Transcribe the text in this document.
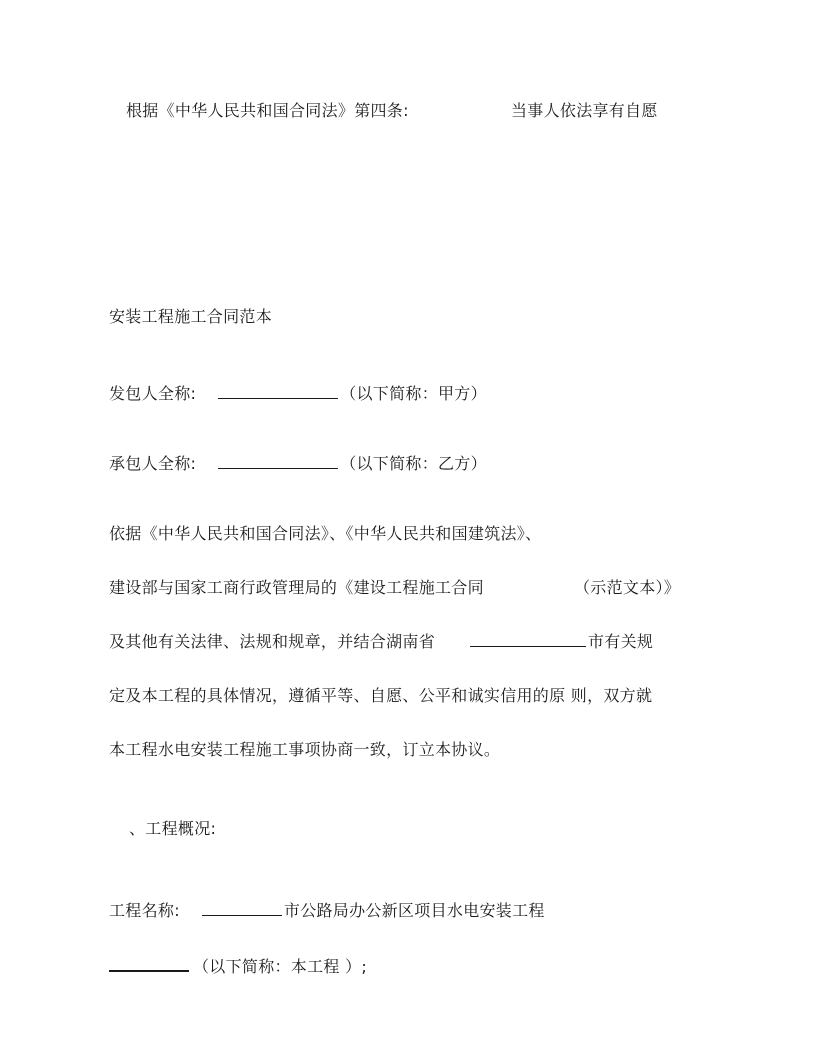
根据《中华人民共和国合同法》第四条:	当事人依法享有自愿
安装工程施工合同范本
发包人全称:	（以下简称：甲方）
承包人全称:	（以下简称：乙方）
依据《中华人民共和国合同法》、《中华人民共和国建筑法》、
建设部与国家工商行政管理局的《建设工程施工合同	（示范文本）》
及其他有关法律、法规和规章，并结合湖南省	市有关规
定及本工程的具体情况，遵循平等、自愿、公平和诚实信用的原 则，双方就
本工程水电安装工程施工事项协商一致，订立本协议。
、工程概况:
工程名称:	市公路局办公新区项目水电安装工程
（以下简称：本工程 ）;
